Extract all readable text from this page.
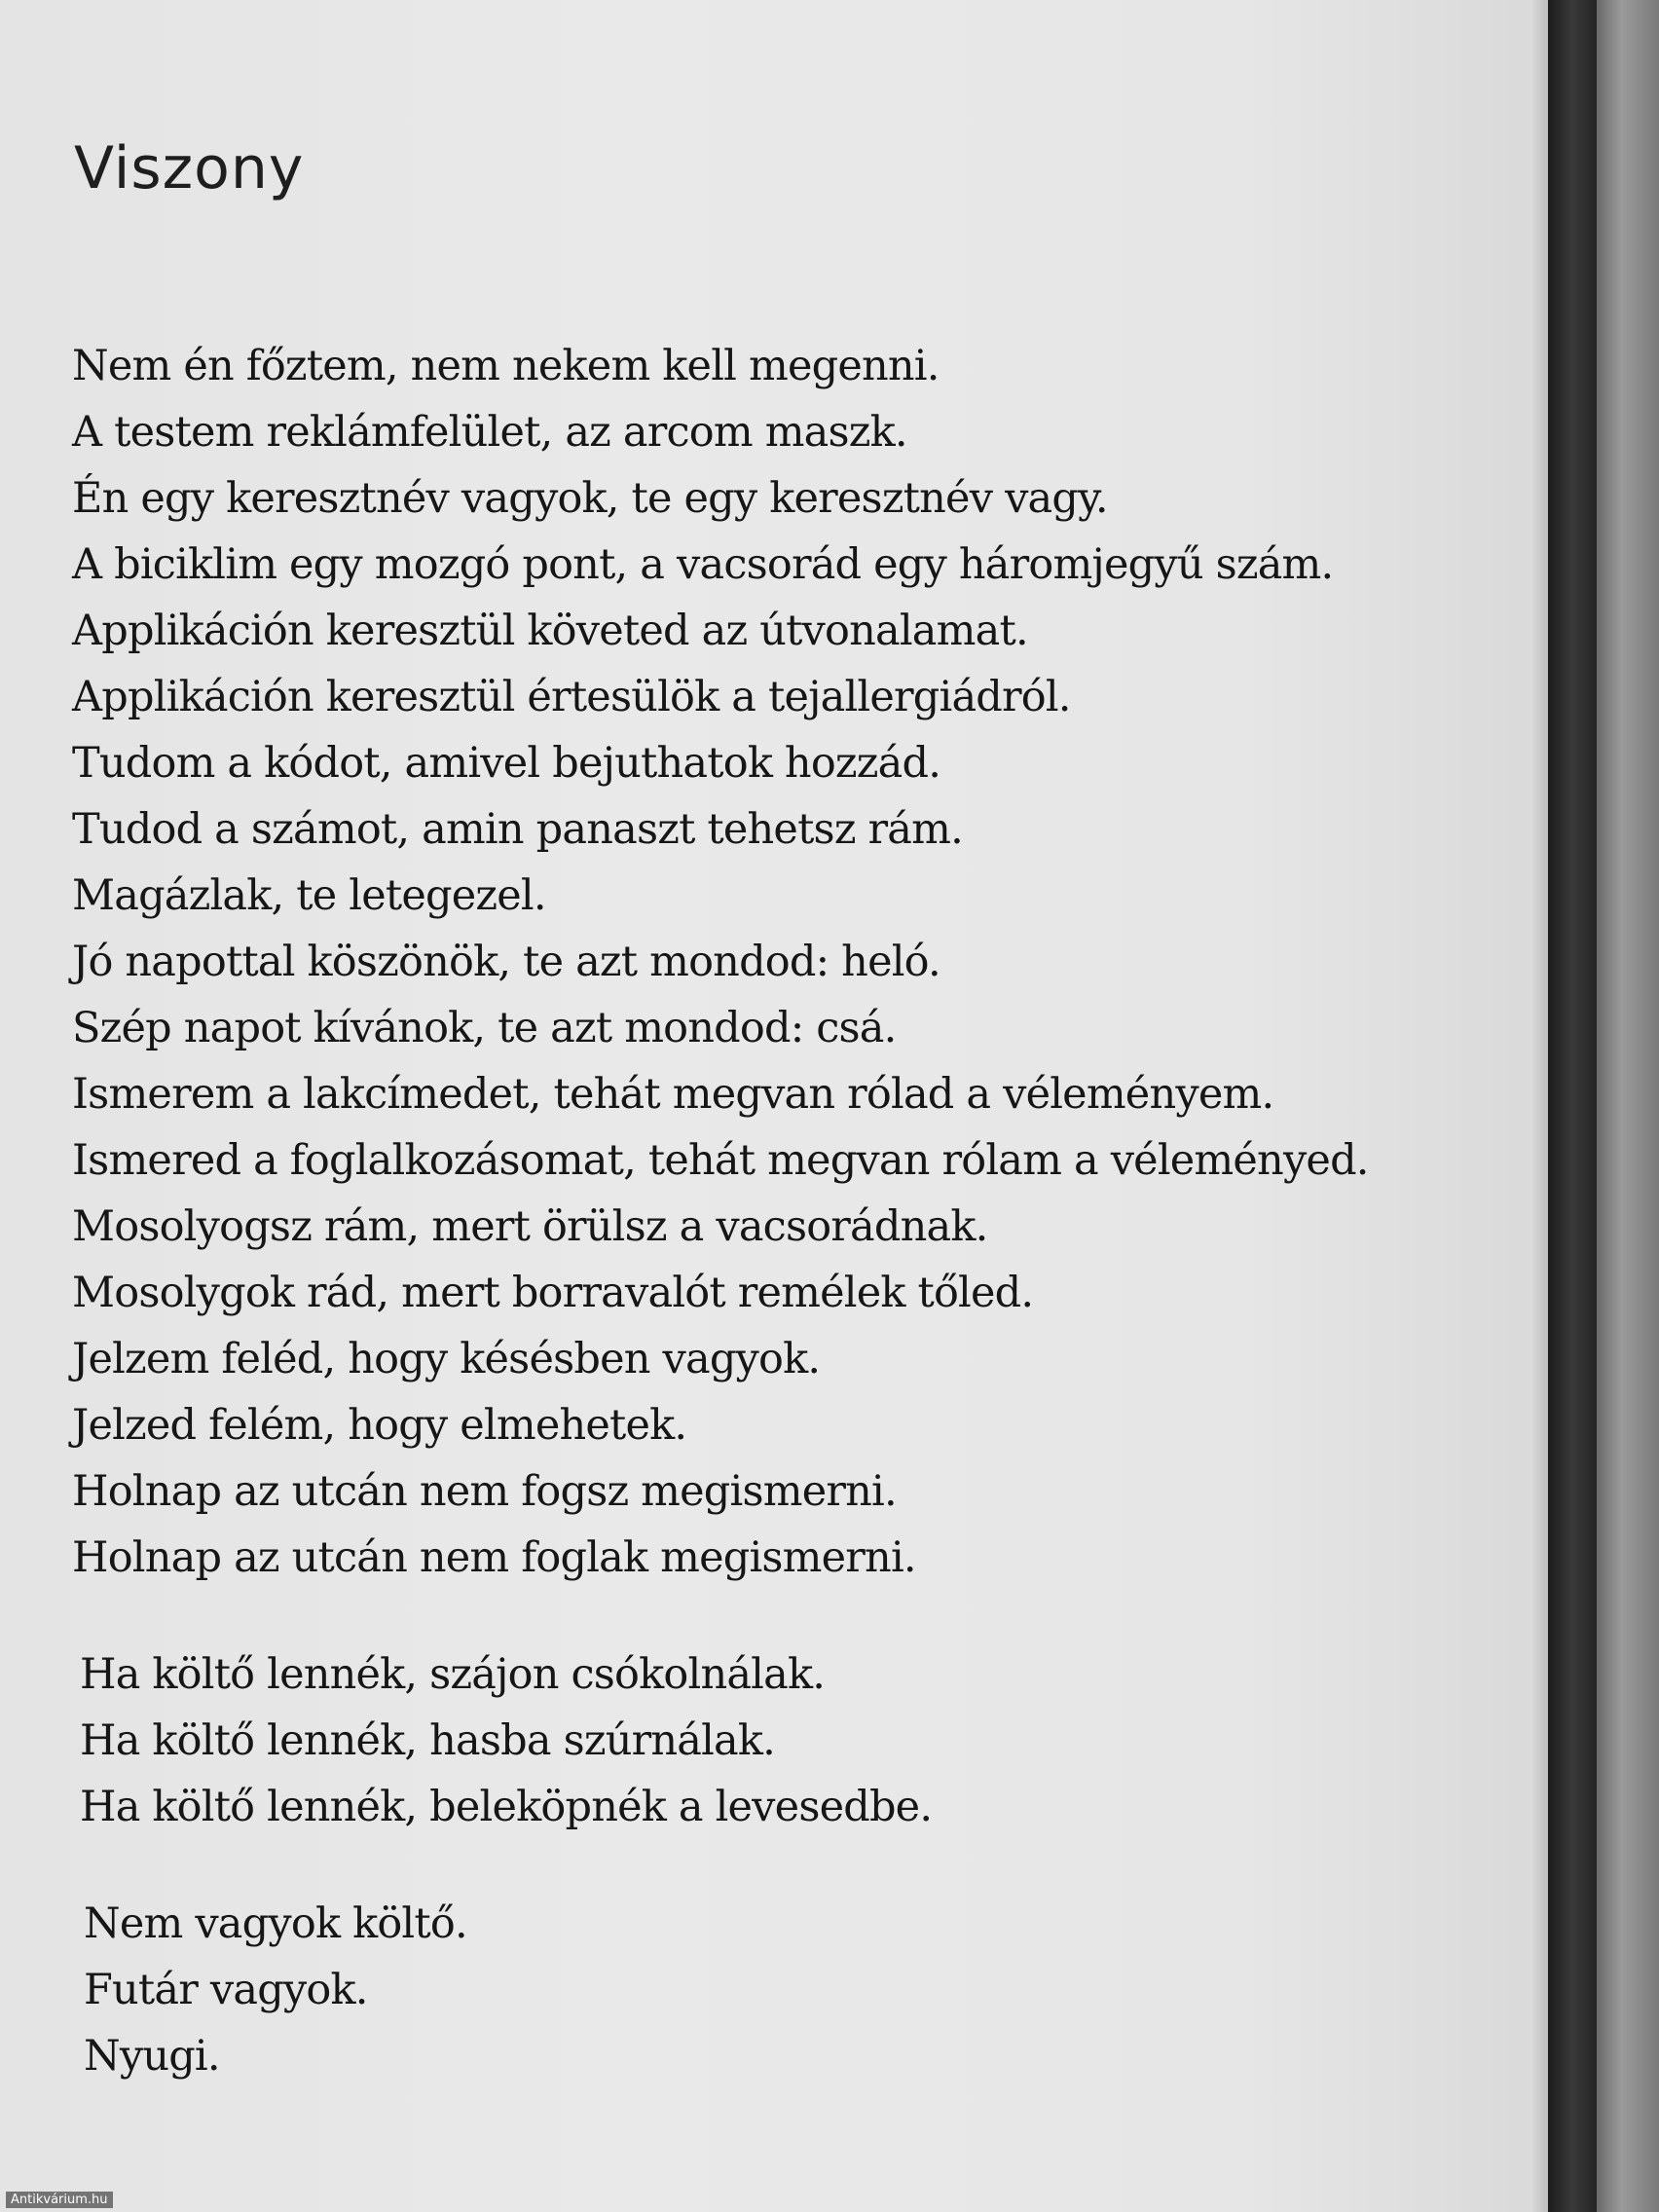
Viszony
Nem én főztem, nem nekem kell megenni.
A testem reklámfelület, az arcom maszk.
Én egy keresztnév vagyok, te egy keresztnév vagy.
A biciklim egy mozgó pont, a vacsorád egy háromjegyű szám.
Applikáción keresztül követed az útvonalamat.
Applikáción keresztül értesülök a tejallergiádról.
Tudom a kódot, amivel bejuthatok hozzád.
Tudod a számot, amin panaszt tehetsz rám.
Magázlak, te letegezel.
Jó napottal köszönök, te azt mondod: heló.
Szép napot kívánok, te azt mondod: csá.
Ismerem a lakcímedet, tehát megvan rólad a véleményem.
Ismered a foglalkozásomat, tehát megvan rólam a véleményed.
Mosolyogsz rám, mert örülsz a vacsorádnak.
Mosolygok rád, mert borravalót remélek tőled.
Jelzem feléd, hogy késésben vagyok.
Jelzed felém, hogy elmehetek.
Holnap az utcán nem fogsz megismerni.
Holnap az utcán nem foglak megismerni.
Ha költő lennék, szájon csókolnálak.
Ha költő lennék, hasba szúrnálak.
Ha költő lennék, beleköpnék a levesedbe.
Nem vagyok költő.
Futár vagyok.
Nyugi.
Antikvárium.hu
